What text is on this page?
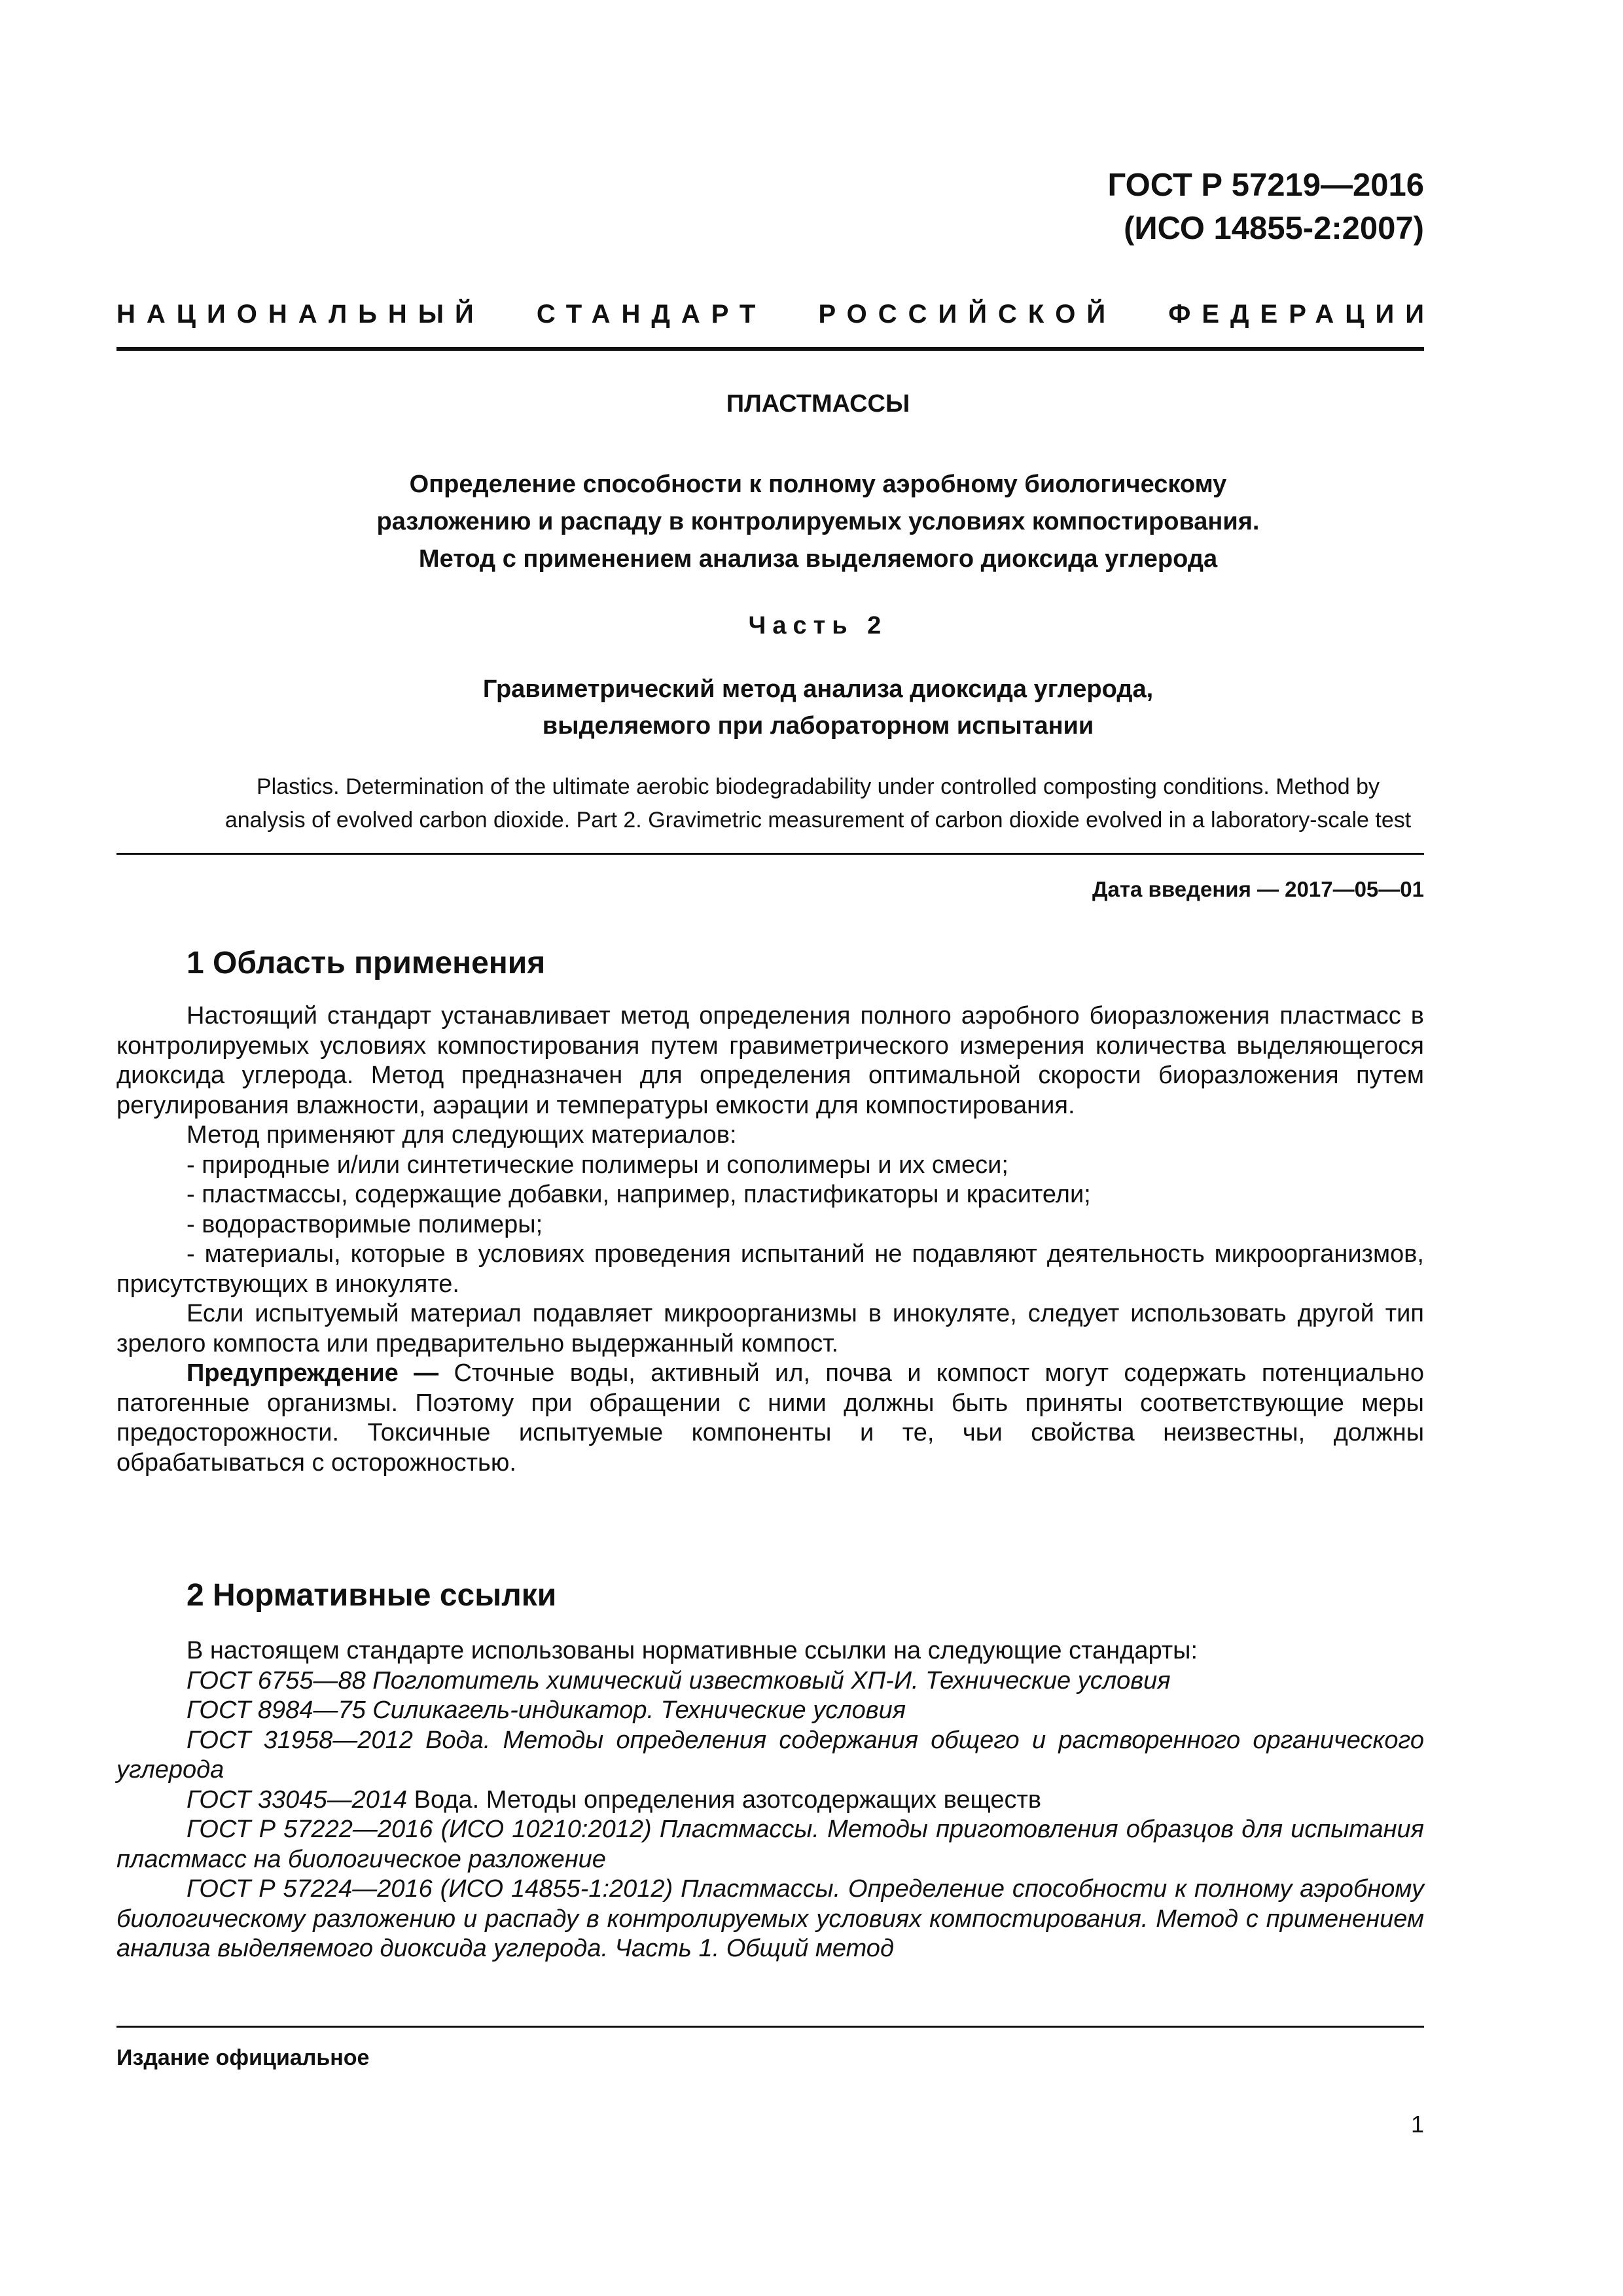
ГОСТ Р 57219—2016
(ИСО 14855-2:2007)
НАЦИОНАЛЬНЫЙ СТАНДАРТ РОССИЙСКОЙ ФЕДЕРАЦИИ
ПЛАСТМАССЫ
Определение способности к полному аэробному биологическому
разложению и распаду в контролируемых условиях компостирования.
Метод с применением анализа выделяемого диоксида углерода
Часть 2
Гравиметрический метод анализа диоксида углерода,
выделяемого при лабораторном испытании
Plastics. Determination of the ultimate aerobic biodegradability under controlled composting conditions. Method by
analysis of evolved carbon dioxide. Part 2. Gravimetric measurement of carbon dioxide evolved in a laboratory-scale test
Дата введения — 2017—05—01
1 Область применения

Настоящий стандарт устанавливает метод определения полного аэробного биоразложения пластмасс в контролируемых условиях компостирования путем гравиметрического измерения количества выделяющегося диоксида углерода. Метод предназначен для определения оптимальной скорости биоразложения путем регулирования влажности, аэрации и температуры емкости для компостирования.

Метод применяют для следующих материалов:

- природные и/или синтетические полимеры и сополимеры и их смеси;

- пластмассы, содержащие добавки, например, пластификаторы и красители;

- водорастворимые полимеры;

- материалы, которые в условиях проведения испытаний не подавляют деятельность микроорганизмов, присутствующих в инокуляте.

Если испытуемый материал подавляет микроорганизмы в инокуляте, следует использовать другой тип зрелого компоста или предварительно выдержанный компост.

Предупреждение — Сточные воды, активный ил, почва и компост могут содержать потенциально патогенные организмы. Поэтому при обращении с ними должны быть приняты соответствующие меры предосторожности. Токсичные испытуемые компоненты и те, чьи свойства неизвестны, должны обрабатываться с осторожностью.

2 Нормативные ссылки

В настоящем стандарте использованы нормативные ссылки на следующие стандарты:

ГОСТ 6755—88 Поглотитель химический известковый ХП-И. Технические условия

ГОСТ 8984—75 Силикагель-индикатор. Технические условия

ГОСТ 31958—2012 Вода. Методы определения содержания общего и растворенного органического углерода

ГОСТ 33045—2014 Вода. Методы определения азотсодержащих веществ

ГОСТ Р 57222—2016 (ИСО 10210:2012) Пластмассы. Методы приготовления образцов для испытания пластмасс на биологическое разложение

ГОСТ Р 57224—2016 (ИСО 14855-1:2012) Пластмассы. Определение способности к полному аэробному биологическому разложению и распаду в контролируемых условиях компостирования. Метод с применением анализа выделяемого диоксида углерода. Часть 1. Общий метод

Издание официальное
1
